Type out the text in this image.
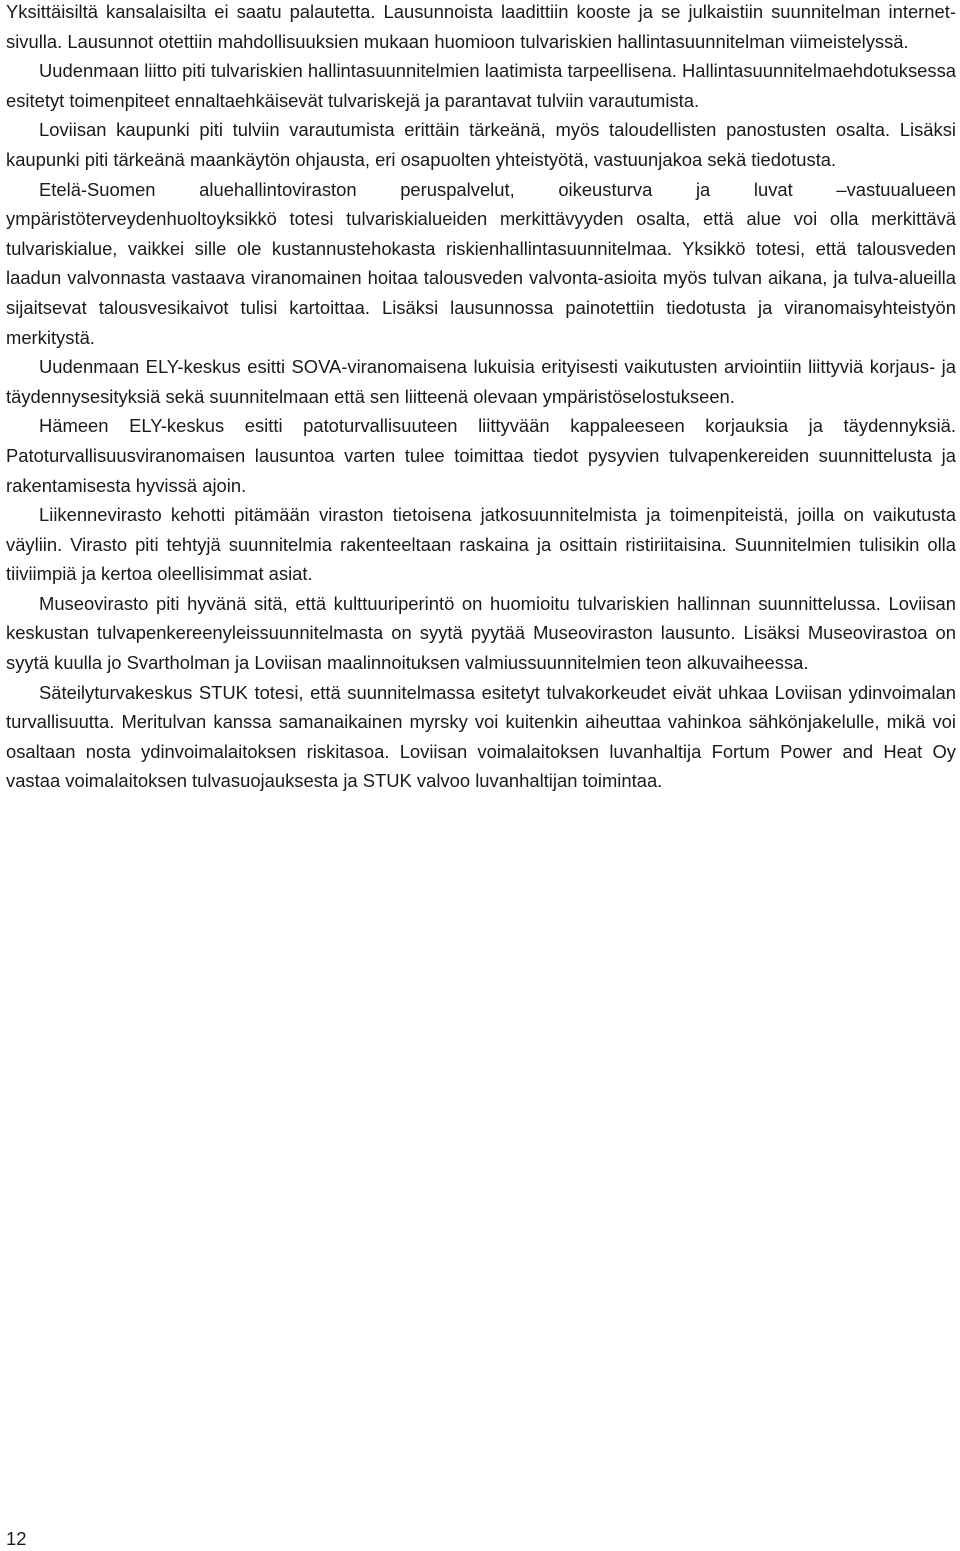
Yksittäisiltä kansalaisilta ei saatu palautetta. Lausunnoista laadittiin kooste ja se julkaistiin suunnitelman internet-sivulla. Lausunnot otettiin mahdollisuuksien mukaan huomioon tulvariskien hallintasuunnitelman viimeistelyssä.

Uudenmaan liitto piti tulvariskien hallintasuunnitelmien laatimista tarpeellisena. Hallintasuunnitelmaehdotuksessa esitetyt toimenpiteet ennaltaehkäisevät tulvariskejä ja parantavat tulviin varautumista.

Loviisan kaupunki piti tulviin varautumista erittäin tärkeänä, myös taloudellisten panostusten osalta. Lisäksi kaupunki piti tärkeänä maankäytön ohjausta, eri osapuolten yhteistyötä, vastuunjakoa sekä tiedotusta.

Etelä-Suomen aluehallintoviraston peruspalvelut, oikeusturva ja luvat –vastuualueen ympäristöterveydenhuoltoyksikkö totesi tulvariskialueiden merkittävyyden osalta, että alue voi olla merkittävä tulvariskialue, vaikkei sille ole kustannustehokasta riskienhallintasuunnitelmaa. Yksikkö totesi, että talousveden laadun valvonnasta vastaava viranomainen hoitaa talousveden valvonta-asioita myös tulvan aikana, ja tulva-alueilla sijaitsevat talousvesikaivot tulisi kartoittaa. Lisäksi lausunnossa painotettiin tiedotusta ja viranomaisyhteistyön merkitystä.

Uudenmaan ELY-keskus esitti SOVA-viranomaisena lukuisia erityisesti vaikutusten arviointiin liittyviä korjaus- ja täydennysesityksiä sekä suunnitelmaan että sen liitteenä olevaan ympäristöselostukseen.

Hämeen ELY-keskus esitti patoturvallisuuteen liittyvään kappaleeseen korjauksia ja täydennyksiä. Patoturvallisuusviranomaisen lausuntoa varten tulee toimittaa tiedot pysyvien tulvapenkereiden suunnittelusta ja rakentamisesta hyvissä ajoin.

Liikennevirasto kehotti pitämään viraston tietoisena jatkosuunnitelmista ja toimenpiteistä, joilla on vaikutusta väyliin. Virasto piti tehtyjä suunnitelmia rakenteeltaan raskaina ja osittain ristiriitaisina. Suunnitelmien tulisikin olla tiiviimpiä ja kertoa oleellisimmat asiat.

Museovirasto piti hyvänä sitä, että kulttuuriperintö on huomioitu tulvariskien hallinnan suunnittelussa. Loviisan keskustan tulvapenkereenyleissuunnitelmasta on syytä pyytää Museoviraston lausunto. Lisäksi Museovirastoa on syytä kuulla jo Svartholman ja Loviisan maalinnoituksen valmiussuunnitelmien teon alkuvaiheessa.

Säteilyturvakeskus STUK totesi, että suunnitelmassa esitetyt tulvakorkeudet eivät uhkaa Loviisan ydinvoimalan turvallisuutta. Meritulvan kanssa samanaikainen myrsky voi kuitenkin aiheuttaa vahinkoa sähkönjakelulle, mikä voi osaltaan nosta ydinvoimalaitoksen riskitasoa. Loviisan voimalaitoksen luvanhaltija Fortum Power and Heat Oy vastaa voimalaitoksen tulvasuojauksesta ja STUK valvoo luvanhaltijan toimintaa.

12
